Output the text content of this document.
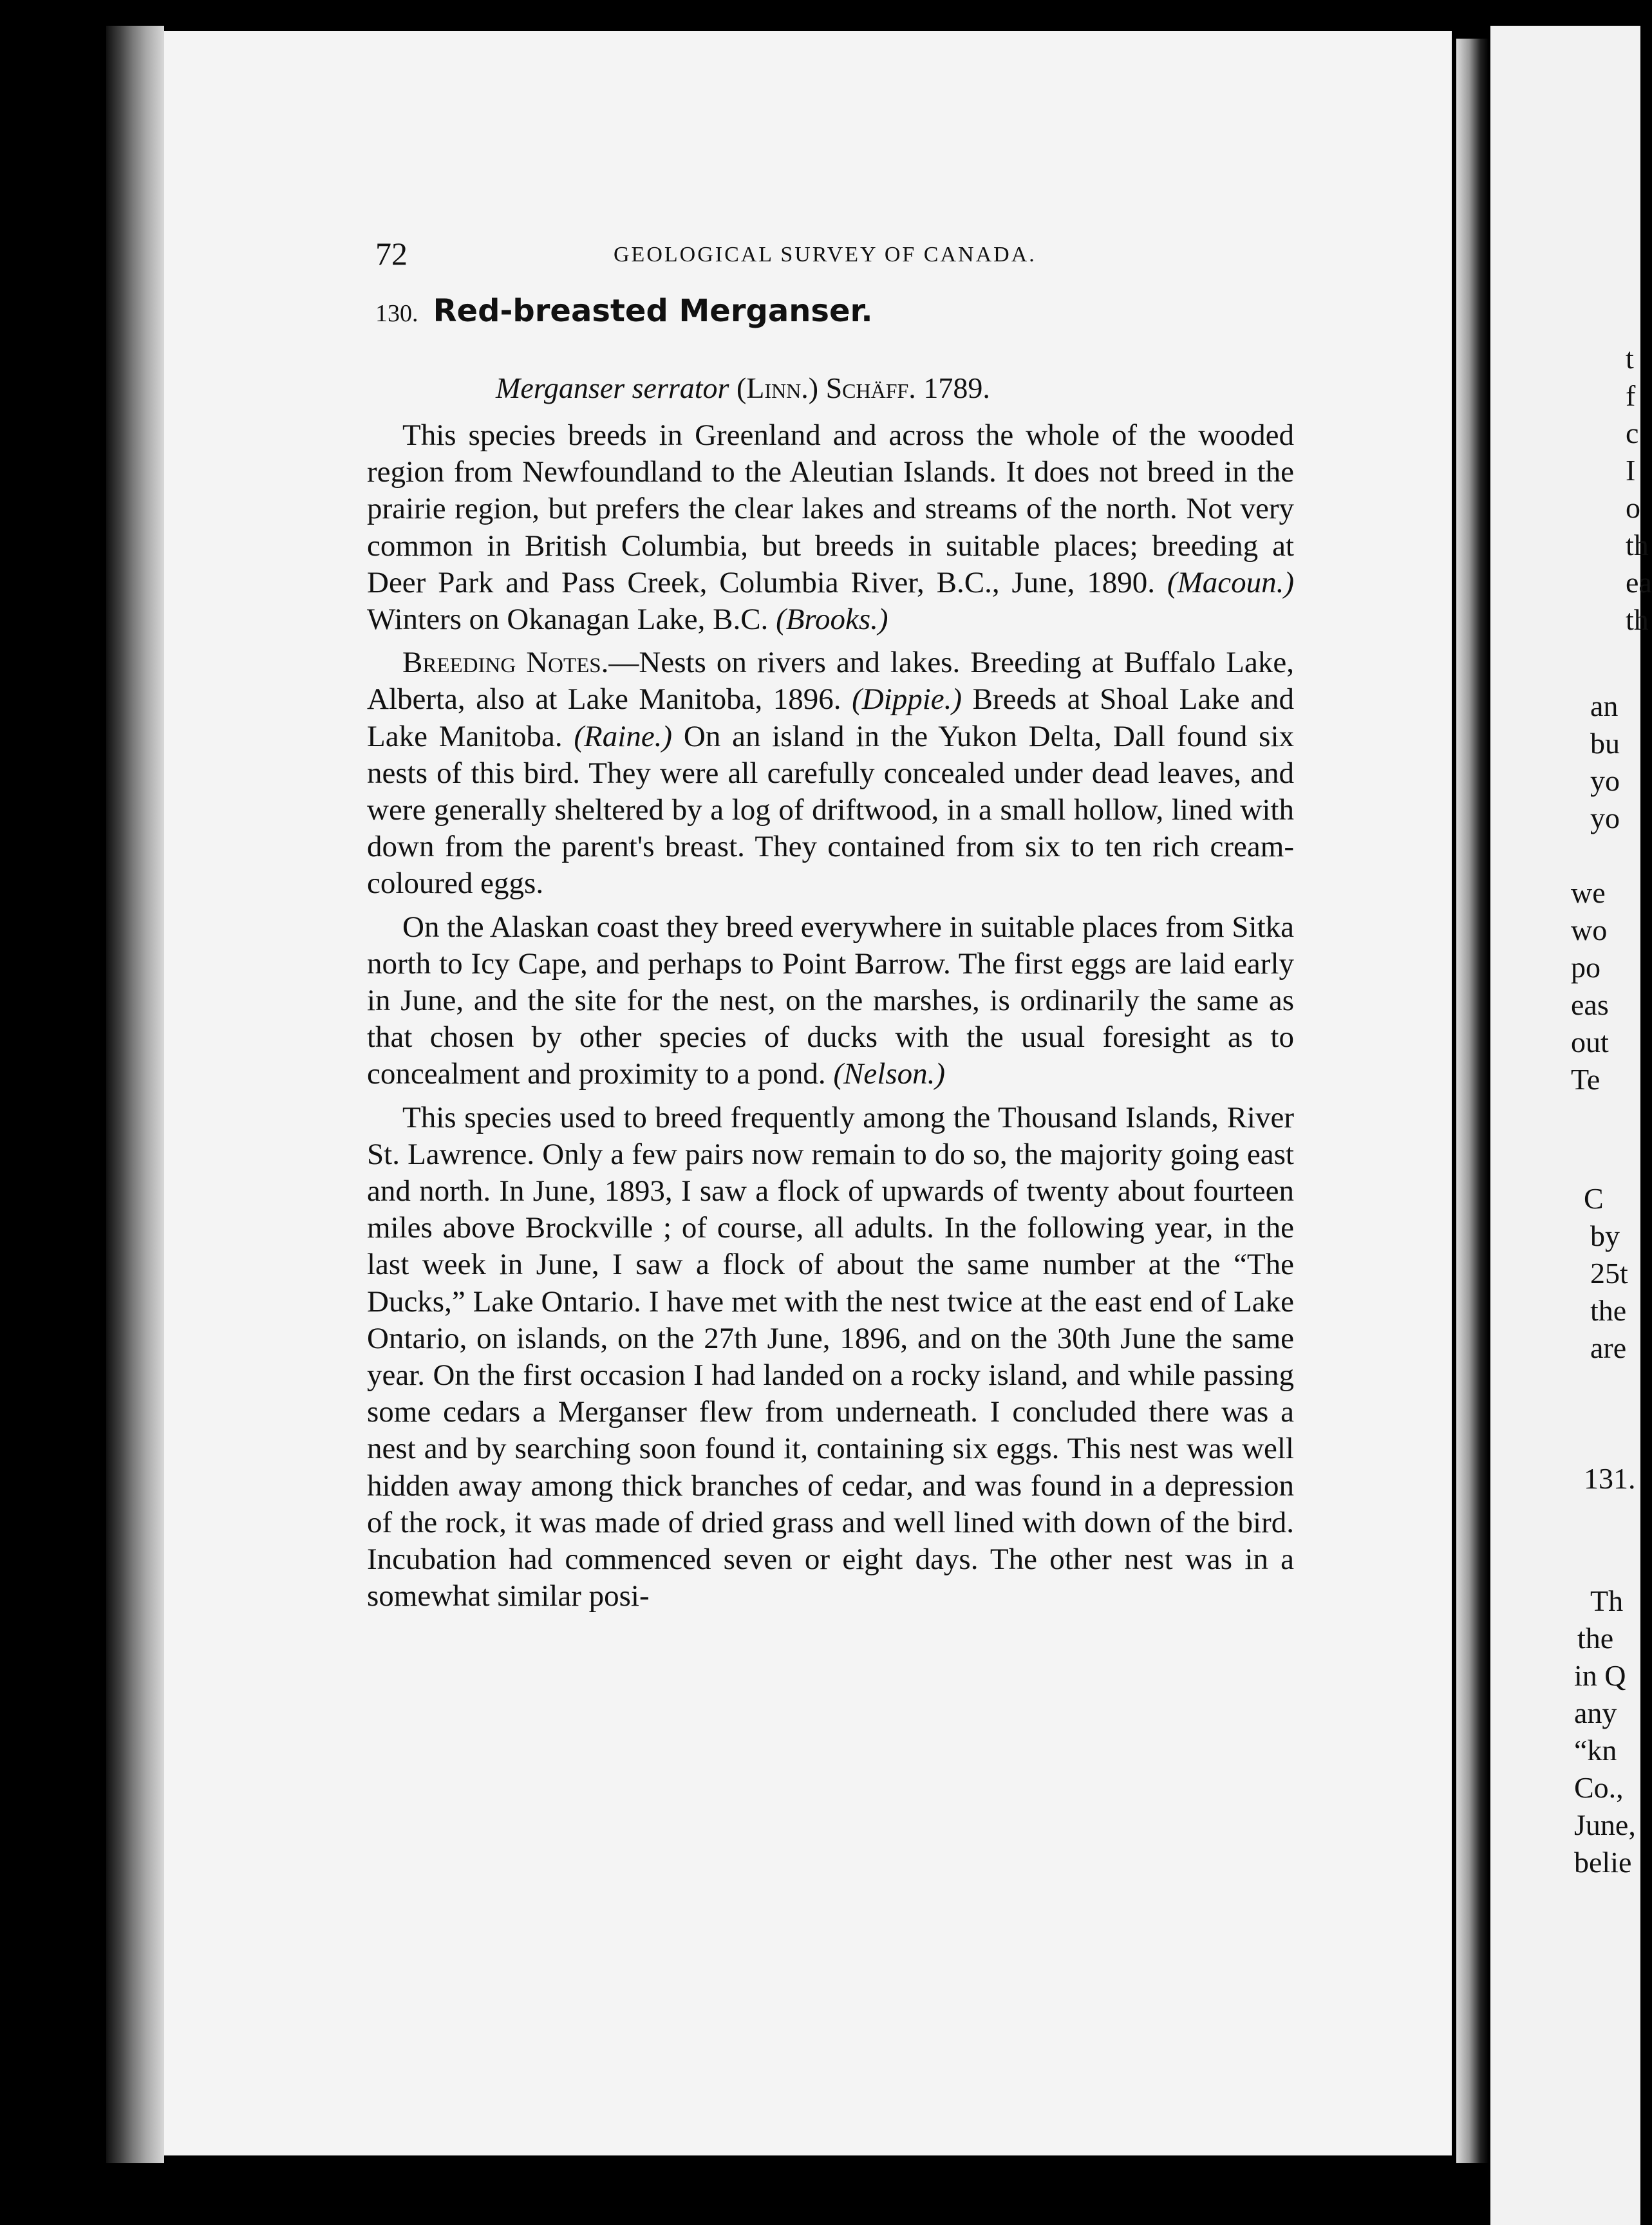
72	GEOLOGICAL SURVEY OF CANADA.
130. Red-breasted Merganser.
Merganser serrator (Linn.) Schäff. 1789.

This species breeds in Greenland and across the whole of the wooded region from Newfoundland to the Aleutian Islands. It does not breed in the prairie region, but prefers the clear lakes and streams of the north. Not very common in British Columbia, but breeds in suitable places; breeding at Deer Park and Pass Creek, Columbia River, B.C., June, 1890. (Macoun.) Winters on Okanagan Lake, B.C. (Brooks.)

Breeding Notes.—Nests on rivers and lakes. Breeding at Buffalo Lake, Alberta, also at Lake Manitoba, 1896. (Dippie.) Breeds at Shoal Lake and Lake Manitoba. (Raine.) On an island in the Yukon Delta, Dall found six nests of this bird. They were all carefully concealed under dead leaves, and were generally sheltered by a log of driftwood, in a small hollow, lined with down from the parent's breast. They contained from six to ten rich cream-coloured eggs.

On the Alaskan coast they breed everywhere in suitable places from Sitka north to Icy Cape, and perhaps to Point Barrow. The first eggs are laid early in June, and the site for the nest, on the marshes, is ordinarily the same as that chosen by other species of ducks with the usual foresight as to concealment and proximity to a pond. (Nelson.)

This species used to breed frequently among the Thousand Islands, River St. Lawrence. Only a few pairs now remain to do so, the majority going east and north. In June, 1893, I saw a flock of upwards of twenty about fourteen miles above Brockville ; of course, all adults. In the following year, in the last week in June, I saw a flock of about the same number at the “The Ducks,” Lake Ontario. I have met with the nest twice at the east end of Lake Ontario, on islands, on the 27th June, 1896, and on the 30th June the same year. On the first occasion I had landed on a rocky island, and while passing some cedars a Merganser flew from underneath. I concluded there was a nest and by searching soon found it, containing six eggs. This nest was well hidden away among thick branches of cedar, and was found in a depression of the rock, it was made of dried grass and well lined with down of the bird. Incubation had commenced seven or eight days. The other nest was in a somewhat similar posi-

t
f
c
I
o
th
ea
th
an
bu
yo
yo
we
wo
po
eas
out
Te
C
by
25t
the
are
131.
Th
the
in Q
any
“kn
Co.,
June,
belie
